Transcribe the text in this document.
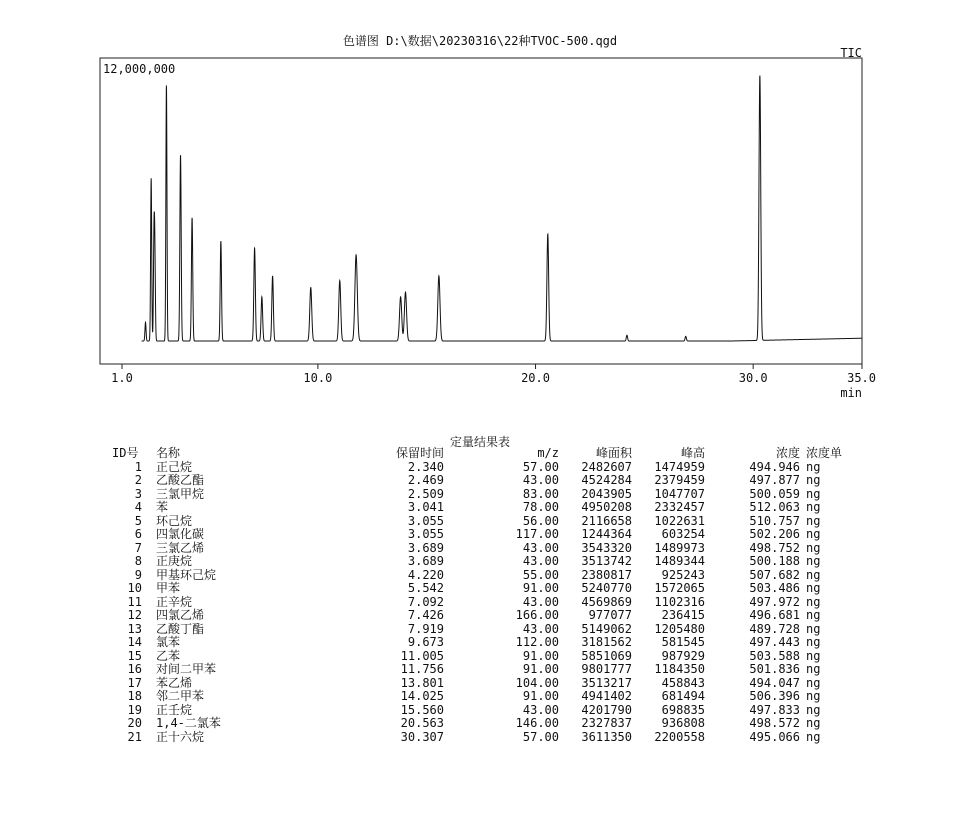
色谱图 D:\数据\20230316\22种TVOC-500.qgd
TIC
12,000,000
1.0	10.0	20.0	30.0	35.0
min
定量结果表
ID号	名称	保留时间	m/z	峰面积	峰高	浓度	浓度单
1	正己烷	2.340	57.00	2482607	1474959	494.946	ng
2	乙酸乙酯	2.469	43.00	4524284	2379459	497.877	ng
3	三氯甲烷	2.509	83.00	2043905	1047707	500.059	ng
4	苯	3.041	78.00	4950208	2332457	512.063	ng
5	环己烷	3.055	56.00	2116658	1022631	510.757	ng
6	四氯化碳	3.055	117.00	1244364	603254	502.206	ng
7	三氯乙烯	3.689	43.00	3543320	1489973	498.752	ng
8	正庚烷	3.689	43.00	3513742	1489344	500.188	ng
9	甲基环己烷	4.220	55.00	2380817	925243	507.682	ng
10	甲苯	5.542	91.00	5240770	1572065	503.486	ng
11	正辛烷	7.092	43.00	4569869	1102316	497.972	ng
12	四氯乙烯	7.426	166.00	977077	236415	496.681	ng
13	乙酸丁酯	7.919	43.00	5149062	1205480	489.728	ng
14	氯苯	9.673	112.00	3181562	581545	497.443	ng
15	乙苯	11.005	91.00	5851069	987929	503.588	ng
16	对间二甲苯	11.756	91.00	9801777	1184350	501.836	ng
17	苯乙烯	13.801	104.00	3513217	458843	494.047	ng
18	邻二甲苯	14.025	91.00	4941402	681494	506.396	ng
19	正壬烷	15.560	43.00	4201790	698835	497.833	ng
20	1,4-二氯苯	20.563	146.00	2327837	936808	498.572	ng
21	正十六烷	30.307	57.00	3611350	2200558	495.066	ng
